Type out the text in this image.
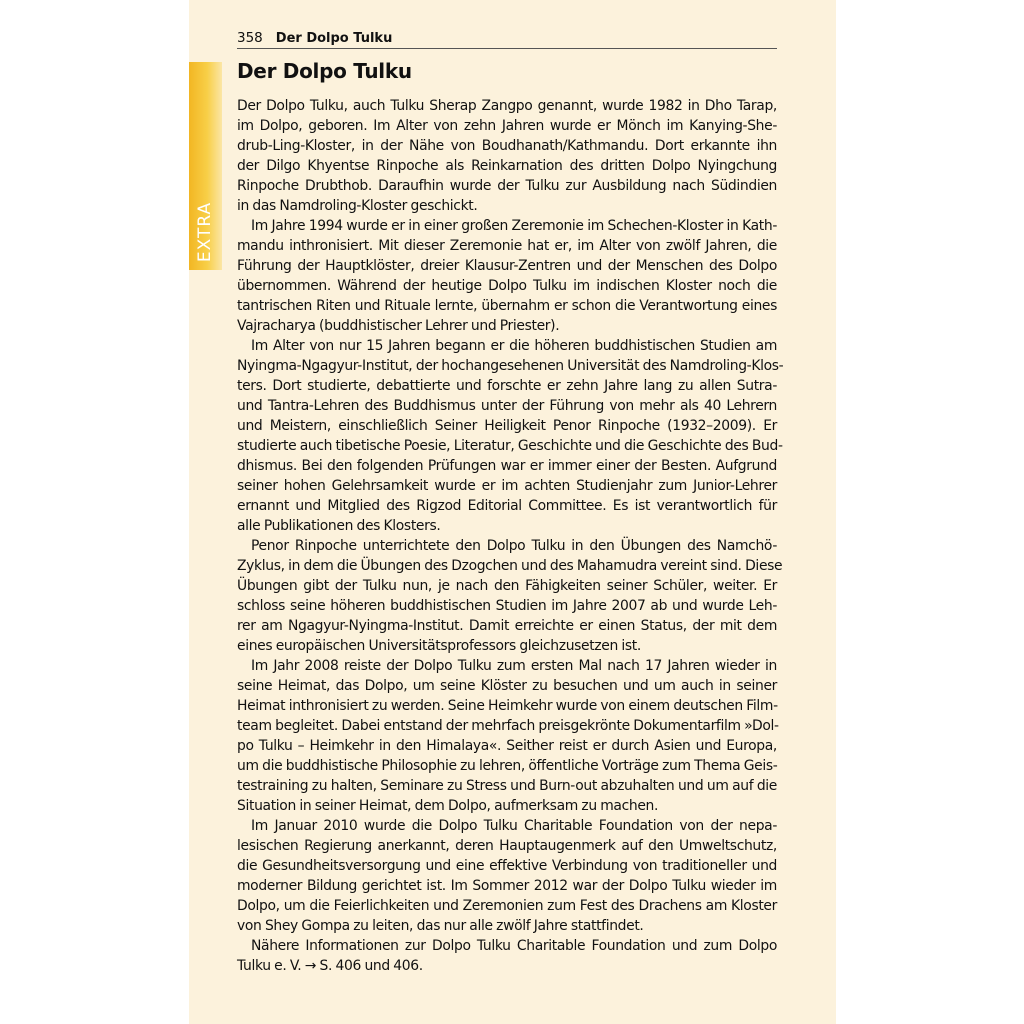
EXTRA
358 Der Dolpo Tulku
Der Dolpo Tulku
Der Dolpo Tulku, auch Tulku Sherap Zangpo genannt, wurde 1982 in Dho Tarap,
im Dolpo, geboren. Im Alter von zehn Jahren wurde er Mönch im Kanying-She-
drub-Ling-Kloster, in der Nähe von Boudhanath/Kathmandu. Dort erkannte ihn
der Dilgo Khyentse Rinpoche als Reinkarnation des dritten Dolpo Nyingchung
Rinpoche Drubthob. Daraufhin wurde der Tulku zur Ausbildung nach Südindien
in das Namdroling-Kloster geschickt.
Im Jahre 1994 wurde er in einer großen Zeremonie im Schechen-Kloster in Kath-
mandu inthronisiert. Mit dieser Zeremonie hat er, im Alter von zwölf Jahren, die
Führung der Hauptklöster, dreier Klausur-Zentren und der Menschen des Dolpo
übernommen. Während der heutige Dolpo Tulku im indischen Kloster noch die
tantrischen Riten und Rituale lernte, übernahm er schon die Verantwortung eines
Vajracharya (buddhistischer Lehrer und Priester).
Im Alter von nur 15 Jahren begann er die höheren buddhistischen Studien am
Nyingma-Ngagyur-Institut, der hochangesehenen Universität des Namdroling-Klos-
ters. Dort studierte, debattierte und forschte er zehn Jahre lang zu allen Sutra-
und Tantra-Lehren des Buddhismus unter der Führung von mehr als 40 Lehrern
und Meistern, einschließlich Seiner Heiligkeit Penor Rinpoche (1932–2009). Er
studierte auch tibetische Poesie, Literatur, Geschichte und die Geschichte des Bud-
dhismus. Bei den folgenden Prüfungen war er immer einer der Besten. Aufgrund
seiner hohen Gelehrsamkeit wurde er im achten Studienjahr zum Junior-Lehrer
ernannt und Mitglied des Rigzod Editorial Committee. Es ist verantwortlich für
alle Publikationen des Klosters.
Penor Rinpoche unterrichtete den Dolpo Tulku in den Übungen des Namchö-
Zyklus, in dem die Übungen des Dzogchen und des Mahamudra vereint sind. Diese
Übungen gibt der Tulku nun, je nach den Fähigkeiten seiner Schüler, weiter. Er
schloss seine höheren buddhistischen Studien im Jahre 2007 ab und wurde Leh-
rer am Ngagyur-Nyingma-Institut. Damit erreichte er einen Status, der mit dem
eines europäischen Universitätsprofessors gleichzusetzen ist.
Im Jahr 2008 reiste der Dolpo Tulku zum ersten Mal nach 17 Jahren wieder in
seine Heimat, das Dolpo, um seine Klöster zu besuchen und um auch in seiner
Heimat inthronisiert zu werden. Seine Heimkehr wurde von einem deutschen Film-
team begleitet. Dabei entstand der mehrfach preisgekrönte Dokumentarfilm »Dol-
po Tulku – Heimkehr in den Himalaya«. Seither reist er durch Asien und Europa,
um die buddhistische Philosophie zu lehren, öffentliche Vorträge zum Thema Geis-
testraining zu halten, Seminare zu Stress und Burn-out abzuhalten und um auf die
Situation in seiner Heimat, dem Dolpo, aufmerksam zu machen.
Im Januar 2010 wurde die Dolpo Tulku Charitable Foundation von der nepa-
lesischen Regierung anerkannt, deren Hauptaugenmerk auf den Umweltschutz,
die Gesundheitsversorgung und eine effektive Verbindung von traditioneller und
moderner Bildung gerichtet ist. Im Sommer 2012 war der Dolpo Tulku wieder im
Dolpo, um die Feierlichkeiten und Zeremonien zum Fest des Drachens am Kloster
von Shey Gompa zu leiten, das nur alle zwölf Jahre stattfindet.
Nähere Informationen zur Dolpo Tulku Charitable Foundation und zum Dolpo
Tulku e. V. → S. 406 und 406.
